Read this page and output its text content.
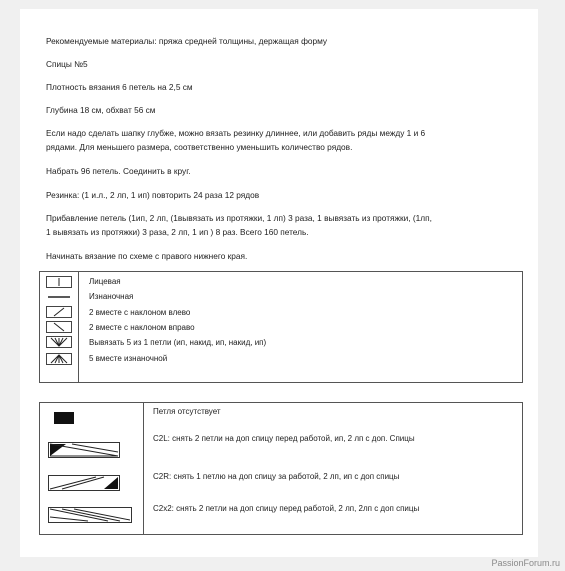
Рекомендуемые материалы: пряжа средней толщины, держащая форму
Спицы №5
Плотность вязания 6 петель на 2,5 см
Глубина 18 см, обхват 56 см
Если надо сделать шапку глубже, можно вязать резинку длиннее, или добавить ряды между 1 и 6
рядами. Для меньшего размера, соответственно уменьшить количество рядов.
Набрать 96 петель. Соединить в круг.
Резинка: (1 и.л., 2 лп, 1 ип) повторить 24 раза 12 рядов
Прибавление петель (1ип, 2 лп, (1вывязать из протяжки, 1 лп) 3 раза, 1 вывязать из протяжки, (1лп,
1 вывязать из протяжки) 3 раза, 2 лп, 1 ип ) 8 раз. Всего 160 петель.
Начинать вязание по схеме с правого нижнего края.
Лицевая
Изнаночная
2 вместе с наклоном влево
2 вместе с наклоном вправо
Вывязать 5 из 1 петли (ип, накид, ип, накид, ип)
5 вместе изнаночной
Петля отсутствует
C2L: снять 2 петли на доп спицу перед работой, ип, 2 лп с доп. Спицы
C2R: снять 1 петлю на доп спицу за работой, 2 лп, ип с доп спицы
C2x2: снять 2 петли на доп спицу перед работой, 2 лп, 2лп с доп спицы
PassionForum.ru
